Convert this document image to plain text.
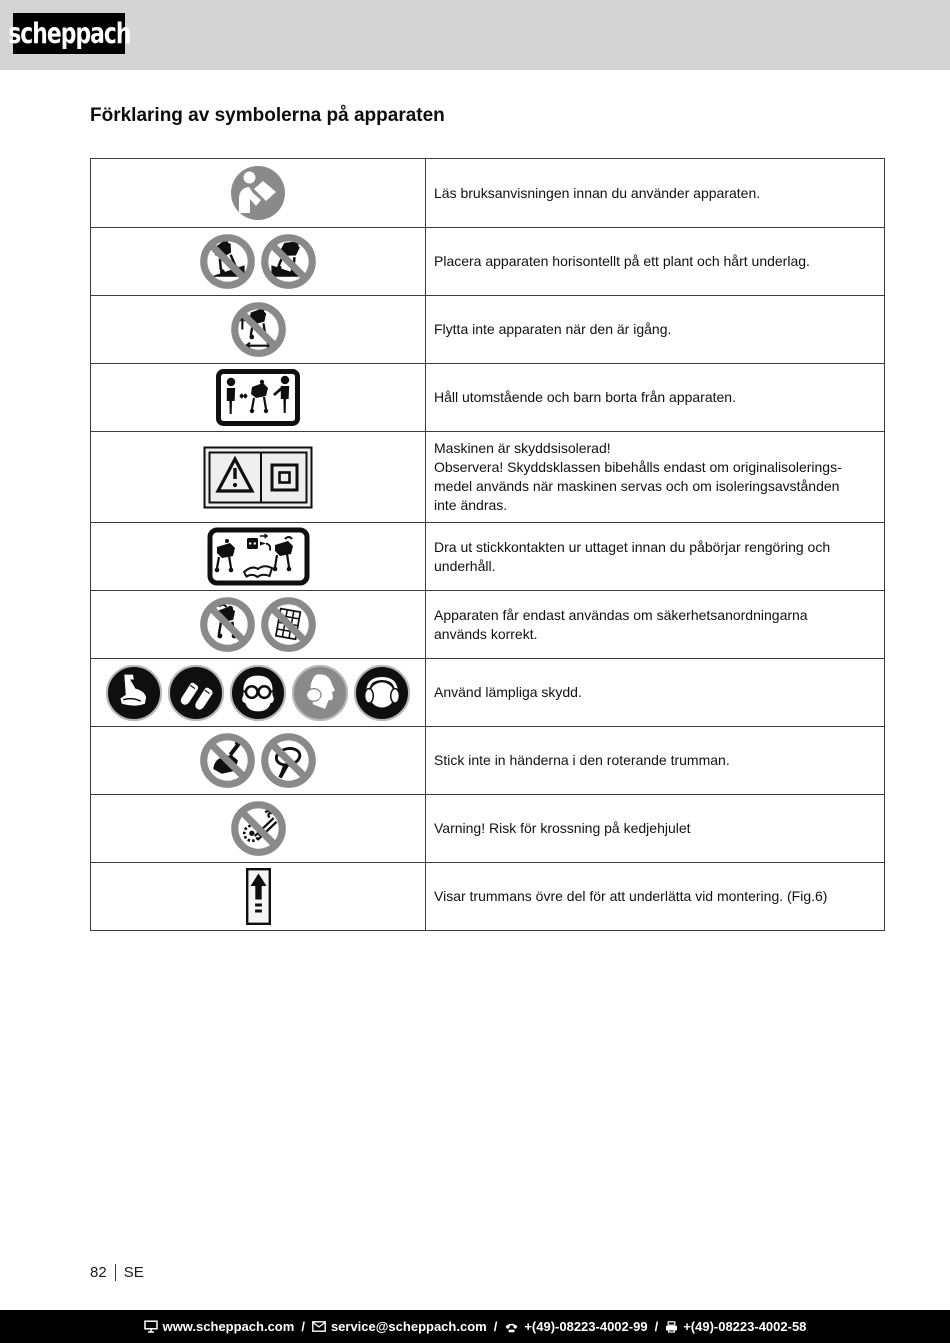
scheppach
Förklaring av symbolerna på apparaten

Läs bruksanvisningen innan du använder apparaten.

Placera apparaten horisontellt på ett plant och hårt underlag.

Flytta inte apparaten när den är igång.

Håll utomstående och barn borta från apparaten.

Maskinen är skyddsisolerad!
Observera! Skyddsklassen bibehålls endast om originalisolerings-
medel används när maskinen servas och om isoleringsavstånden
inte ändras.

Dra ut stickkontakten ur uttaget innan du påbörjar rengöring och
underhåll.

Apparaten får endast användas om säkerhetsanordningarna
används korrekt.

Använd lämpliga skydd.

Stick inte in händerna i den roterande trumman.

Varning! Risk för krossning på kedjehjulet

Visar trummans övre del för att underlätta vid montering. (Fig.6)
82 SE
www.scheppach.com / service@scheppach.com / +(49)-08223-4002-99 / +(49)-08223-4002-58
